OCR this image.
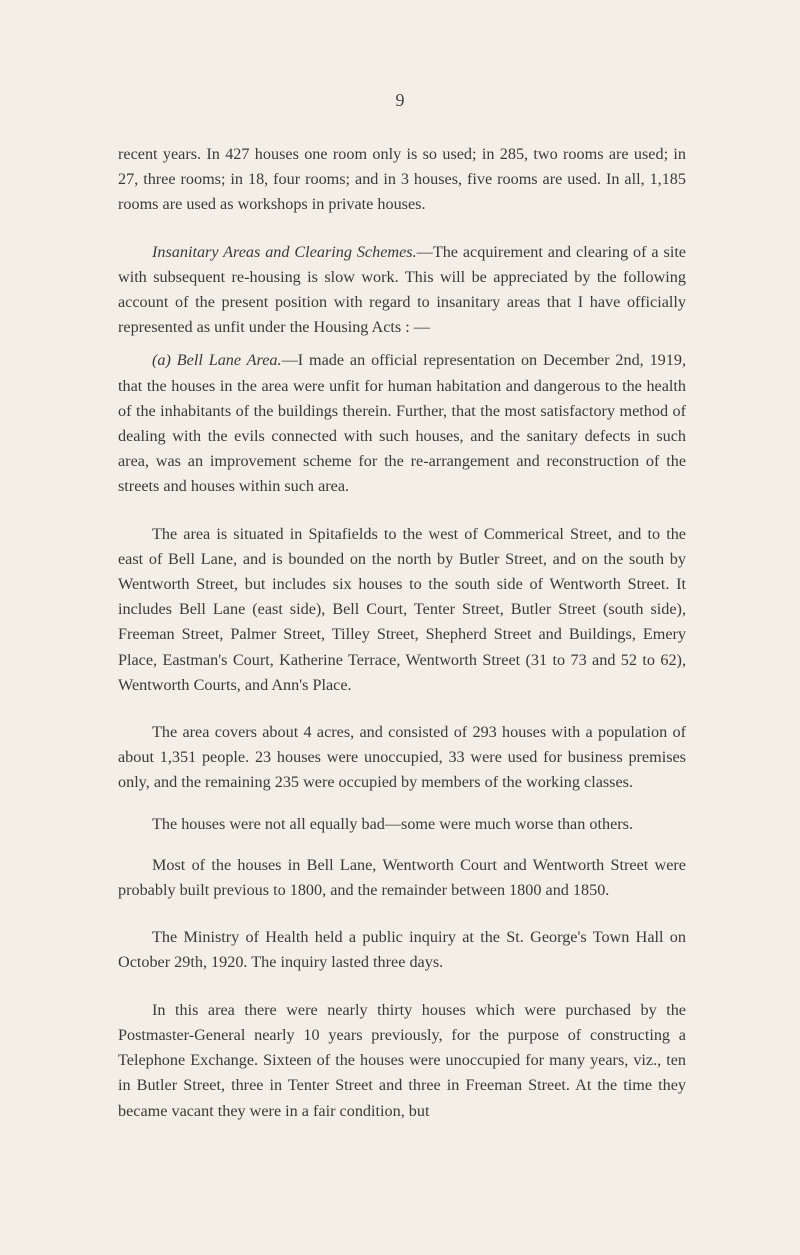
9

recent years. In 427 houses one room only is so used; in 285, two rooms are used; in 27, three rooms; in 18, four rooms; and in 3 houses, five rooms are used. In all, 1,185 rooms are used as workshops in private houses.

Insanitary Areas and Clearing Schemes.—The acquirement and clearing of a site with subsequent re-housing is slow work. This will be appreciated by the following account of the present position with regard to insanitary areas that I have officially represented as unfit under the Housing Acts : —

(a) Bell Lane Area.—I made an official representation on December 2nd, 1919, that the houses in the area were unfit for human habitation and dangerous to the health of the inhabitants of the buildings therein. Further, that the most satisfactory method of dealing with the evils connected with such houses, and the sanitary defects in such area, was an improvement scheme for the re-arrangement and reconstruction of the streets and houses within such area.

The area is situated in Spitafields to the west of Commerical Street, and to the east of Bell Lane, and is bounded on the north by Butler Street, and on the south by Wentworth Street, but includes six houses to the south side of Wentworth Street. It includes Bell Lane (east side), Bell Court, Tenter Street, Butler Street (south side), Freeman Street, Palmer Street, Tilley Street, Shepherd Street and Buildings, Emery Place, Eastman's Court, Katherine Terrace, Wentworth Street (31 to 73 and 52 to 62), Wentworth Courts, and Ann's Place.

The area covers about 4 acres, and consisted of 293 houses with a population of about 1,351 people. 23 houses were unoccupied, 33 were used for business premises only, and the remaining 235 were occupied by members of the working classes.

The houses were not all equally bad—some were much worse than others.

Most of the houses in Bell Lane, Wentworth Court and Wentworth Street were probably built previous to 1800, and the remainder between 1800 and 1850.

The Ministry of Health held a public inquiry at the St. George's Town Hall on October 29th, 1920. The inquiry lasted three days.

In this area there were nearly thirty houses which were purchased by the Postmaster-General nearly 10 years previously, for the purpose of constructing a Telephone Exchange. Sixteen of the houses were unoccupied for many years, viz., ten in Butler Street, three in Tenter Street and three in Freeman Street. At the time they became vacant they were in a fair condition, but
